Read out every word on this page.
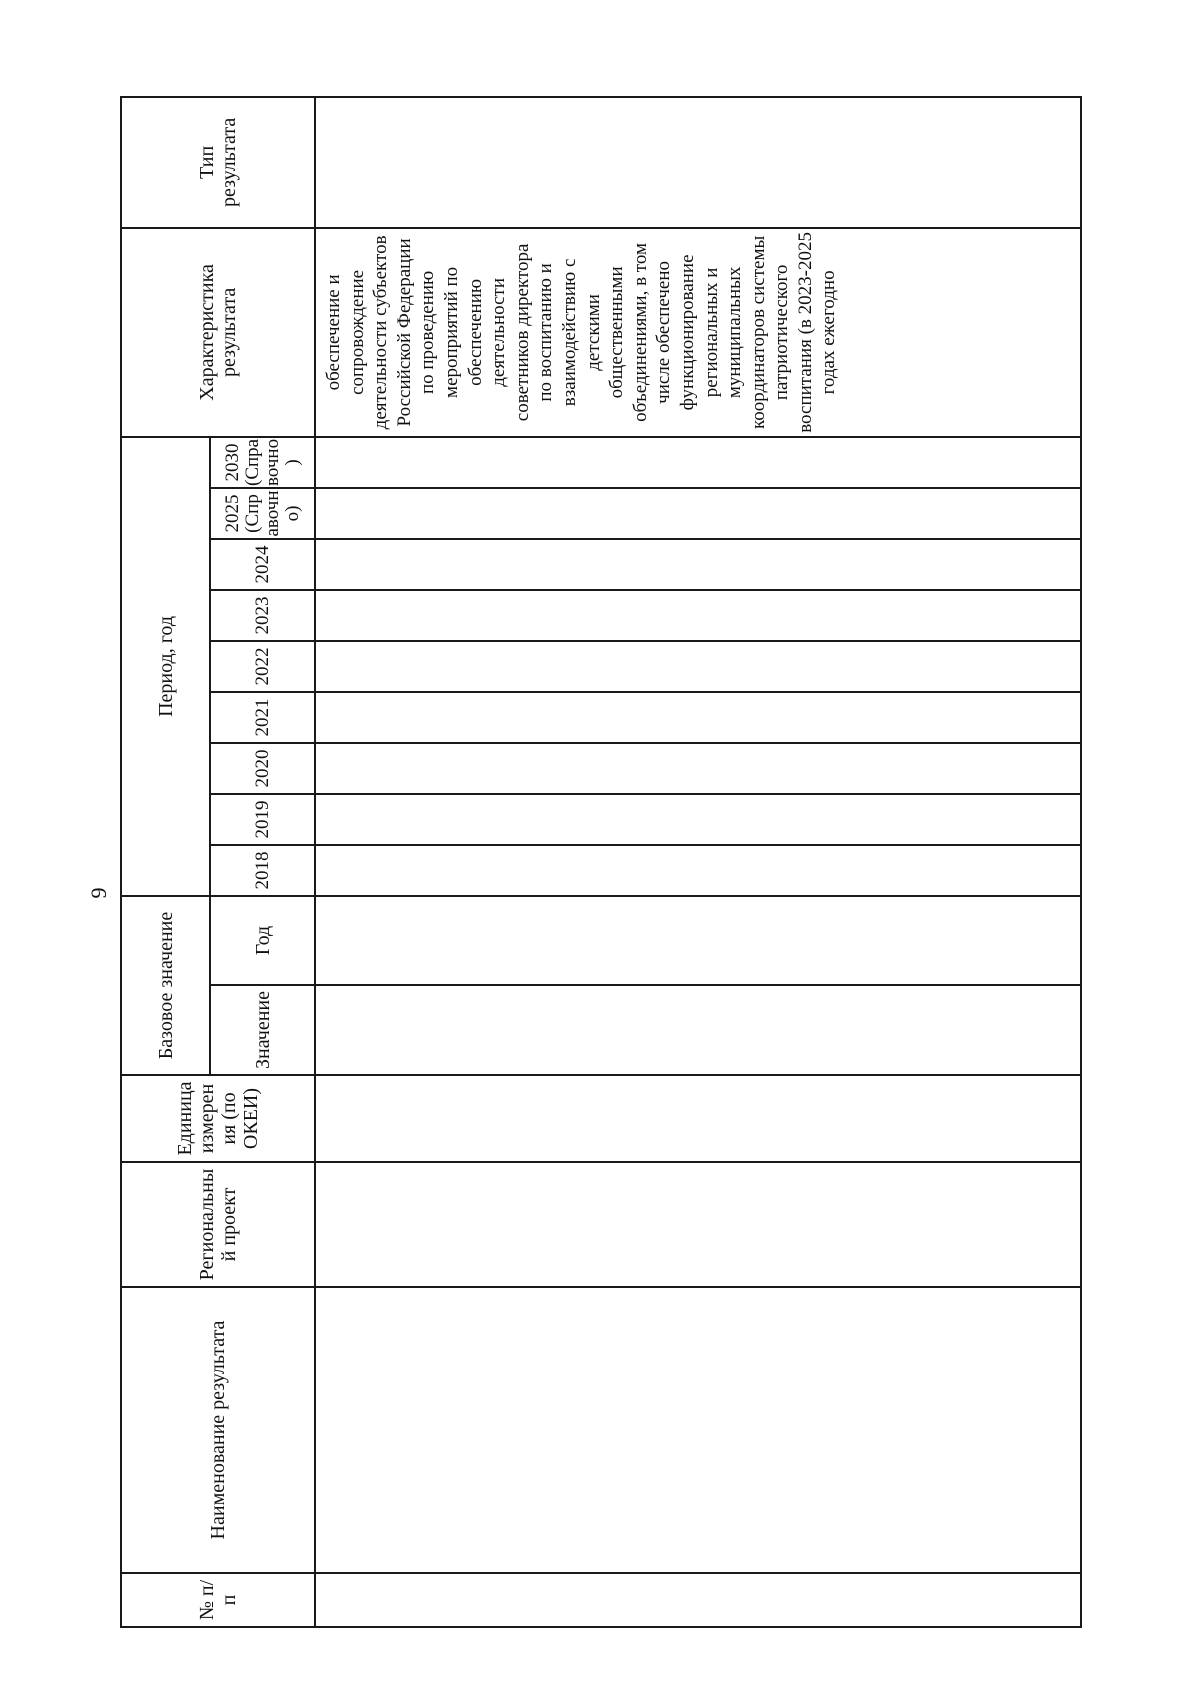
9
№ п/п	Наименование результата	Региональный проект	Единица измерения (по ОКЕИ)	Базовое значение		Период, год									Характеристика результата	Тип результата
				Значение	Год	2018	2019	2020	2021	2022	2023	2024	2025 (Справочно)	2030 (Справочно)		
															обеспечение и сопровождение деятельности субъектов Российской Федерации по проведению мероприятий по обеспечению деятельности советников директора по воспитанию и взаимодействию с детскими общественными объединениями, в том числе обеспечено функционирование региональных и муниципальных координаторов системы патриотического воспитания (в 2023-2025 годах ежегодно	
